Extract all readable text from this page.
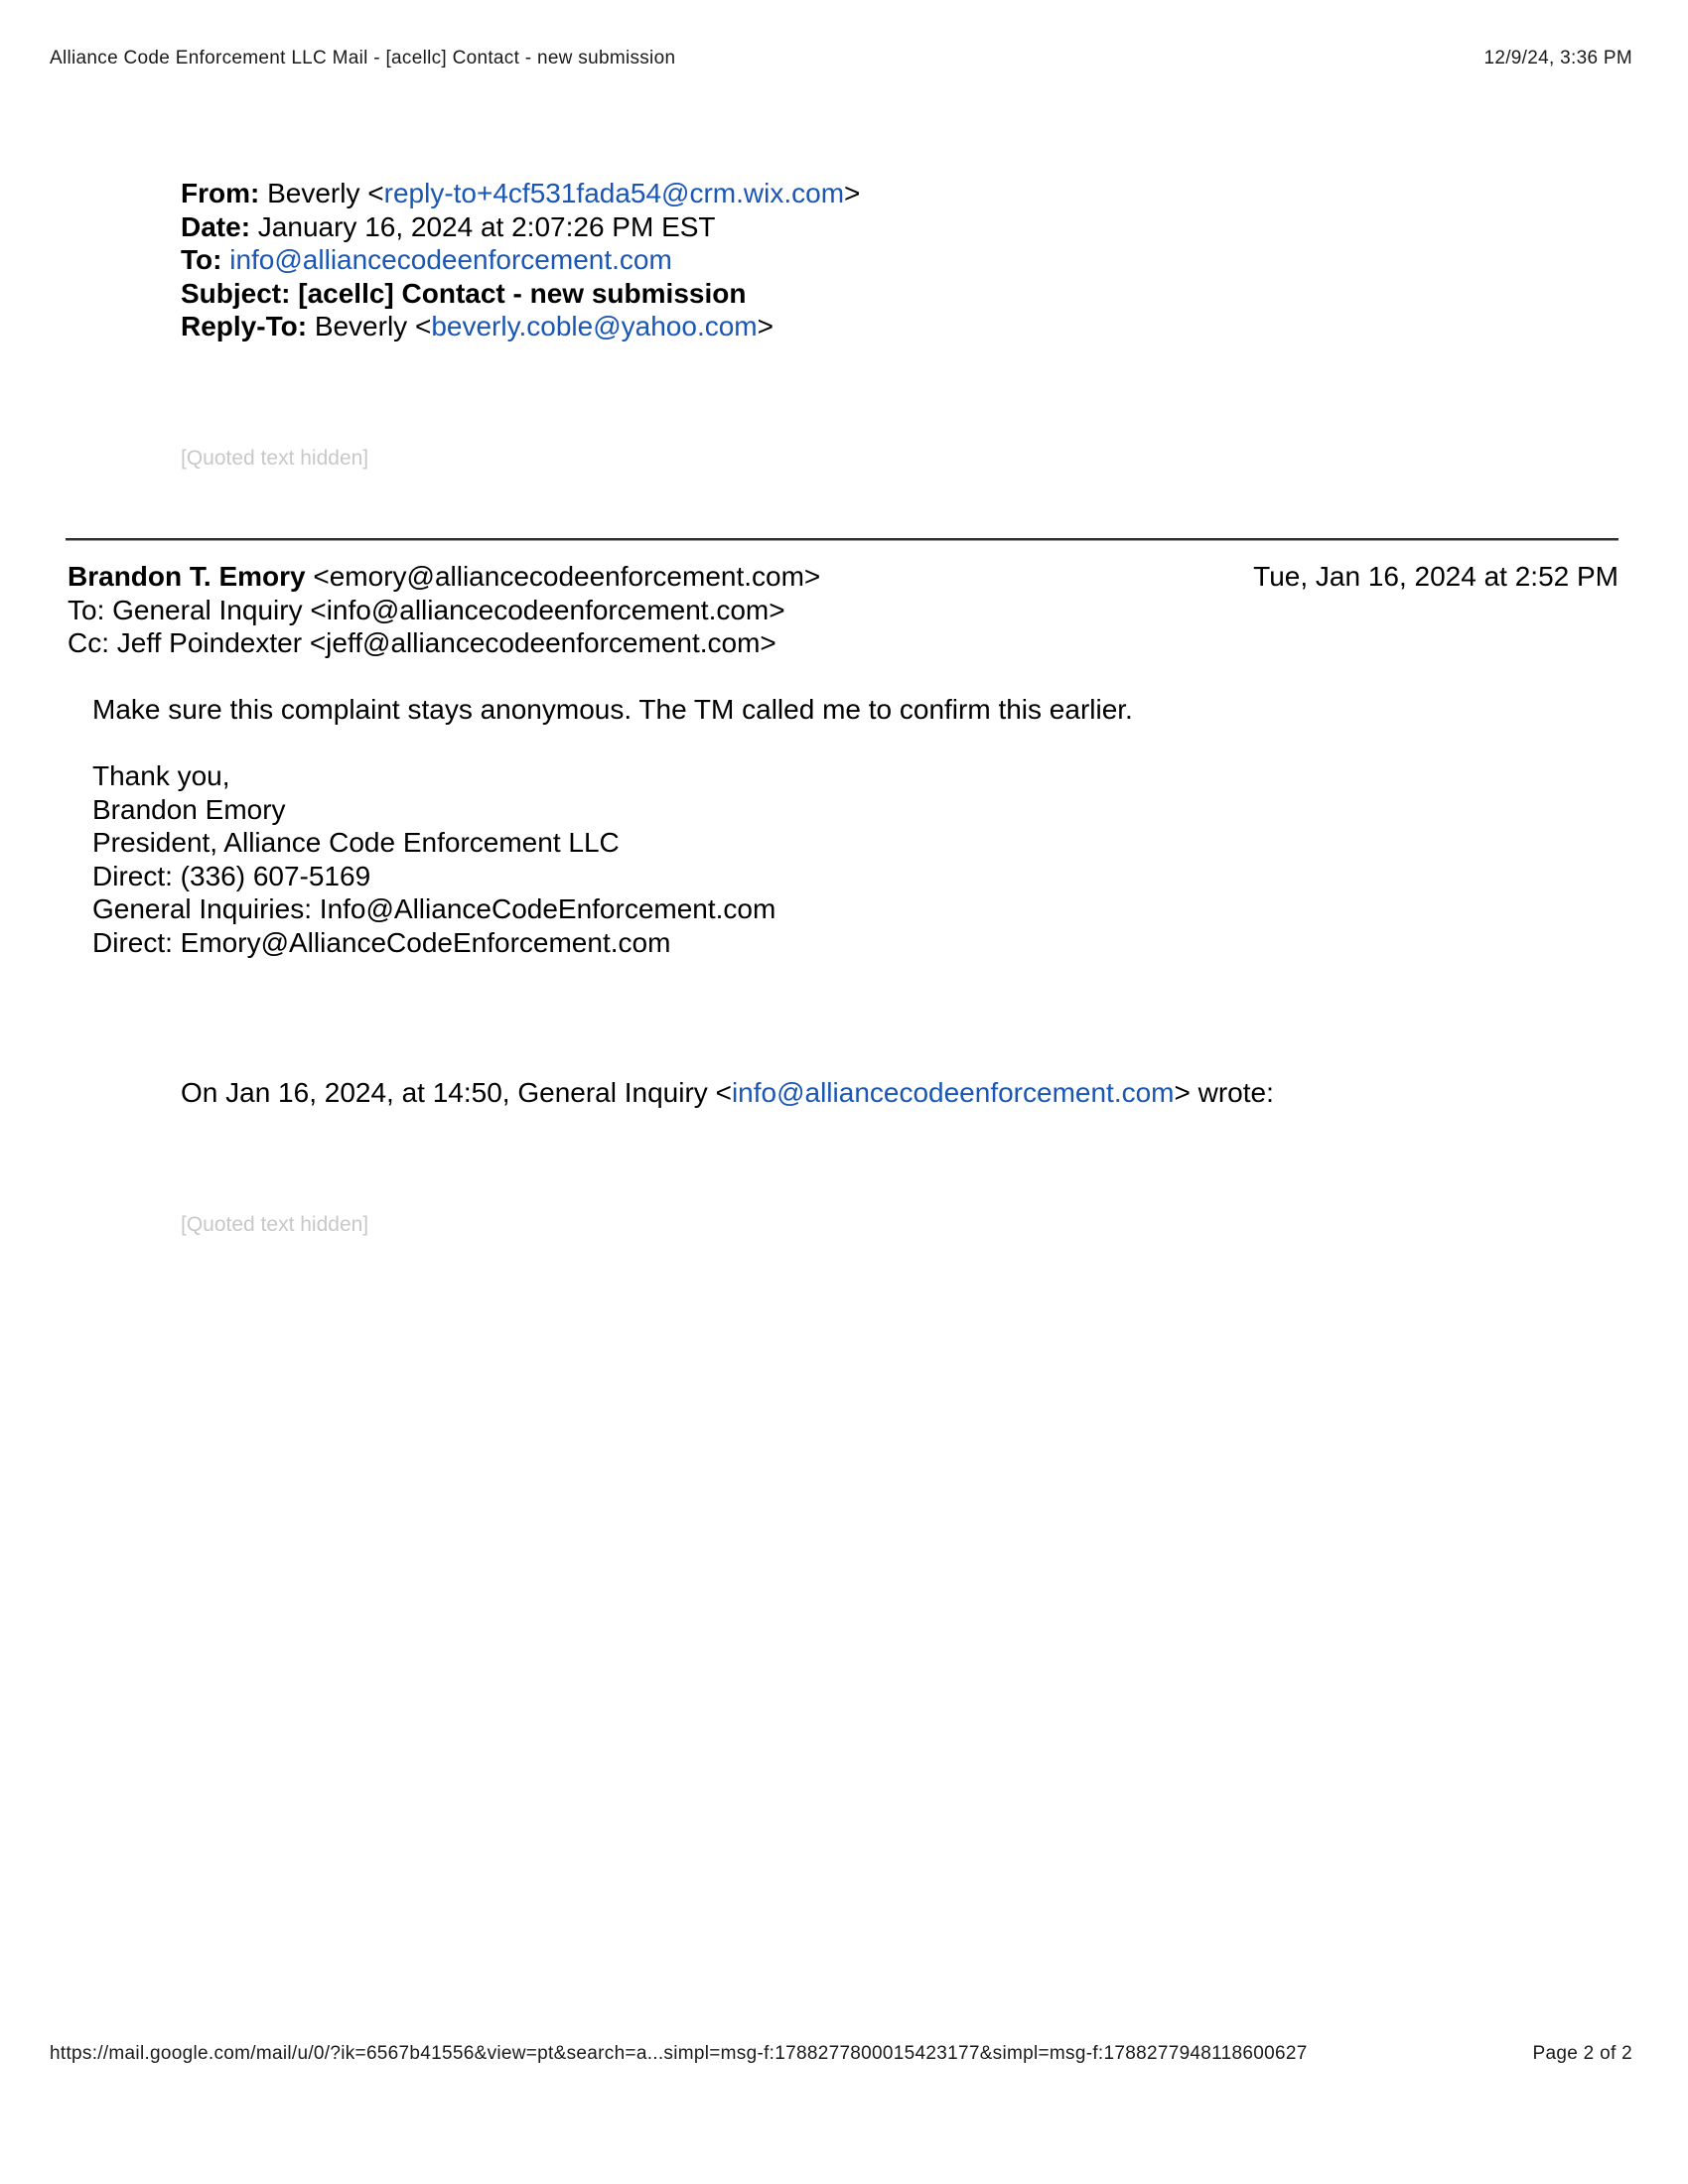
Alliance Code Enforcement LLC Mail - [acellc] Contact - new submission	12/9/24, 3:36 PM
From: Beverly <reply-to+4cf531fada54@crm.wix.com>
Date: January 16, 2024 at 2:07:26 PM EST
To: info@alliancecodeenforcement.com
Subject: [acellc] Contact - new submission
Reply-To: Beverly <beverly.coble@yahoo.com>
[Quoted text hidden]
Brandon T. Emory <emory@alliancecodeenforcement.com>	Tue, Jan 16, 2024 at 2:52 PM
To: General Inquiry <info@alliancecodeenforcement.com>
Cc: Jeff Poindexter <jeff@alliancecodeenforcement.com>
Make sure this complaint stays anonymous. The TM called me to confirm this earlier.
Thank you,
Brandon Emory
President, Alliance Code Enforcement LLC
Direct: (336) 607-5169
General Inquiries: Info@AllianceCodeEnforcement.com
Direct: Emory@AllianceCodeEnforcement.com
On Jan 16, 2024, at 14:50, General Inquiry <info@alliancecodeenforcement.com> wrote:
[Quoted text hidden]
https://mail.google.com/mail/u/0/?ik=6567b41556&view=pt&search=a...simpl=msg-f:1788277800015423177&simpl=msg-f:1788277948118600627	Page 2 of 2
